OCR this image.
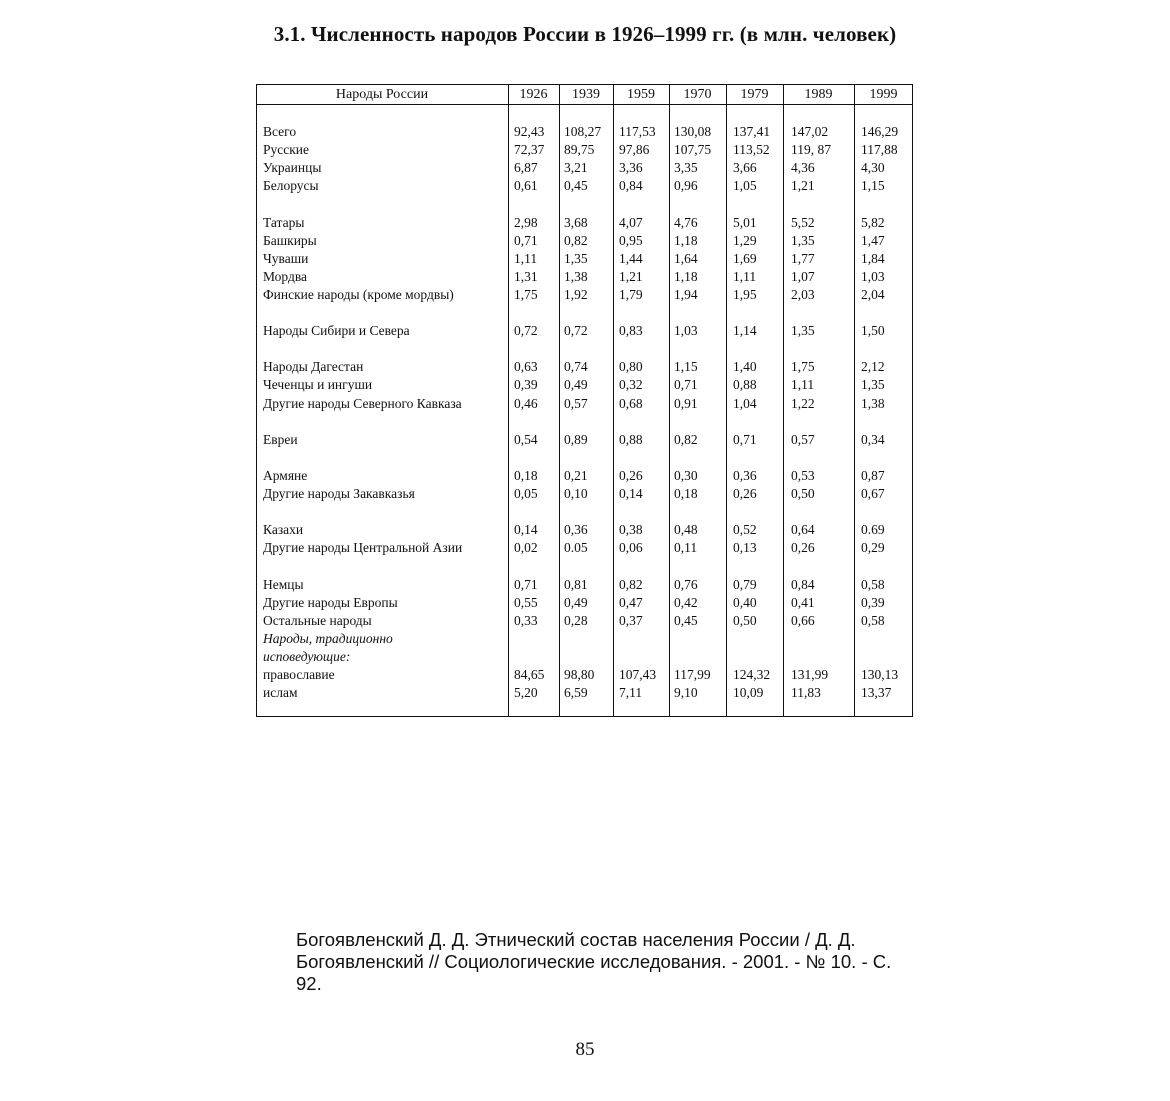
3.1. Численность народов России в 1926–1999 гг. (в млн. человек)
Народы России	1926	1939	1959	1970	1979	1989	1999
Всего	92,43 108,27 117,53 130,08 137,41 147,02 146,29
Русские	72,37 89,75 97,86 107,75 113,52 119, 87 117,88
Украинцы	6,87 3,21 3,36 3,35	3,66	4,36	4,30
Белорусы	0,61 0,45 0,84 0,96	1,05	1,21	1,15
Татары	2,98 3,68 4,07 4,76	5,01	5,52	5,82
Башкиры	0,71 0,82 0,95 1,18	1,29	1,35	1,47
Чуваши	1,11 1,35 1,44 1,64	1,69	1,77	1,84
Мордва	1,31 1,38 1,21 1,18	1,11	1,07	1,03
Финские народы (кроме мордвы)	1,75 1,92 1,79 1,94	1,95	2,03	2,04
Народы Сибири и Севера	0,72 0,72 0,83 1,03	1,14	1,35	1,50
Народы Дагестан	0,63 0,74 0,80 1,15	1,40	1,75	2,12
Чеченцы и ингуши	0,39 0,49 0,32 0,71	0,88	1,11	1,35
Другие народы Северного Кавказа	0,46 0,57 0,68 0,91	1,04	1,22	1,38
Евреи	0,54 0,89 0,88 0,82	0,71	0,57	0,34
Армяне	0,18 0,21 0,26 0,30	0,36	0,53	0,87
Другие народы Закавказья	0,05 0,10 0,14 0,18	0,26	0,50	0,67
Казахи	0,14 0,36 0,38 0,48	0,52	0,64	0.69
Другие народы Центральной Азии	0,02 0.05 0,06 0,11	0,13	0,26	0,29
Немцы	0,71 0,81 0,82 0,76	0,79	0,84	0,58
Другие народы Европы	0,55 0,49 0,47 0,42	0,40	0,41	0,39
Остальные народы	0,33 0,28 0,37 0,45	0,50	0,66	0,58
Народы, традиционно
исповедующие:
православие	84,65 98,80 107,43 117,99 124,32 131,99 130,13
ислам	5,20 6,59 7,11 9,10	10,09 11,83	13,37
Богоявленский Д. Д. Этнический состав населения России / Д. Д. Богоявленский // Социологические исследования. - 2001. - № 10. - С. 92.
85
